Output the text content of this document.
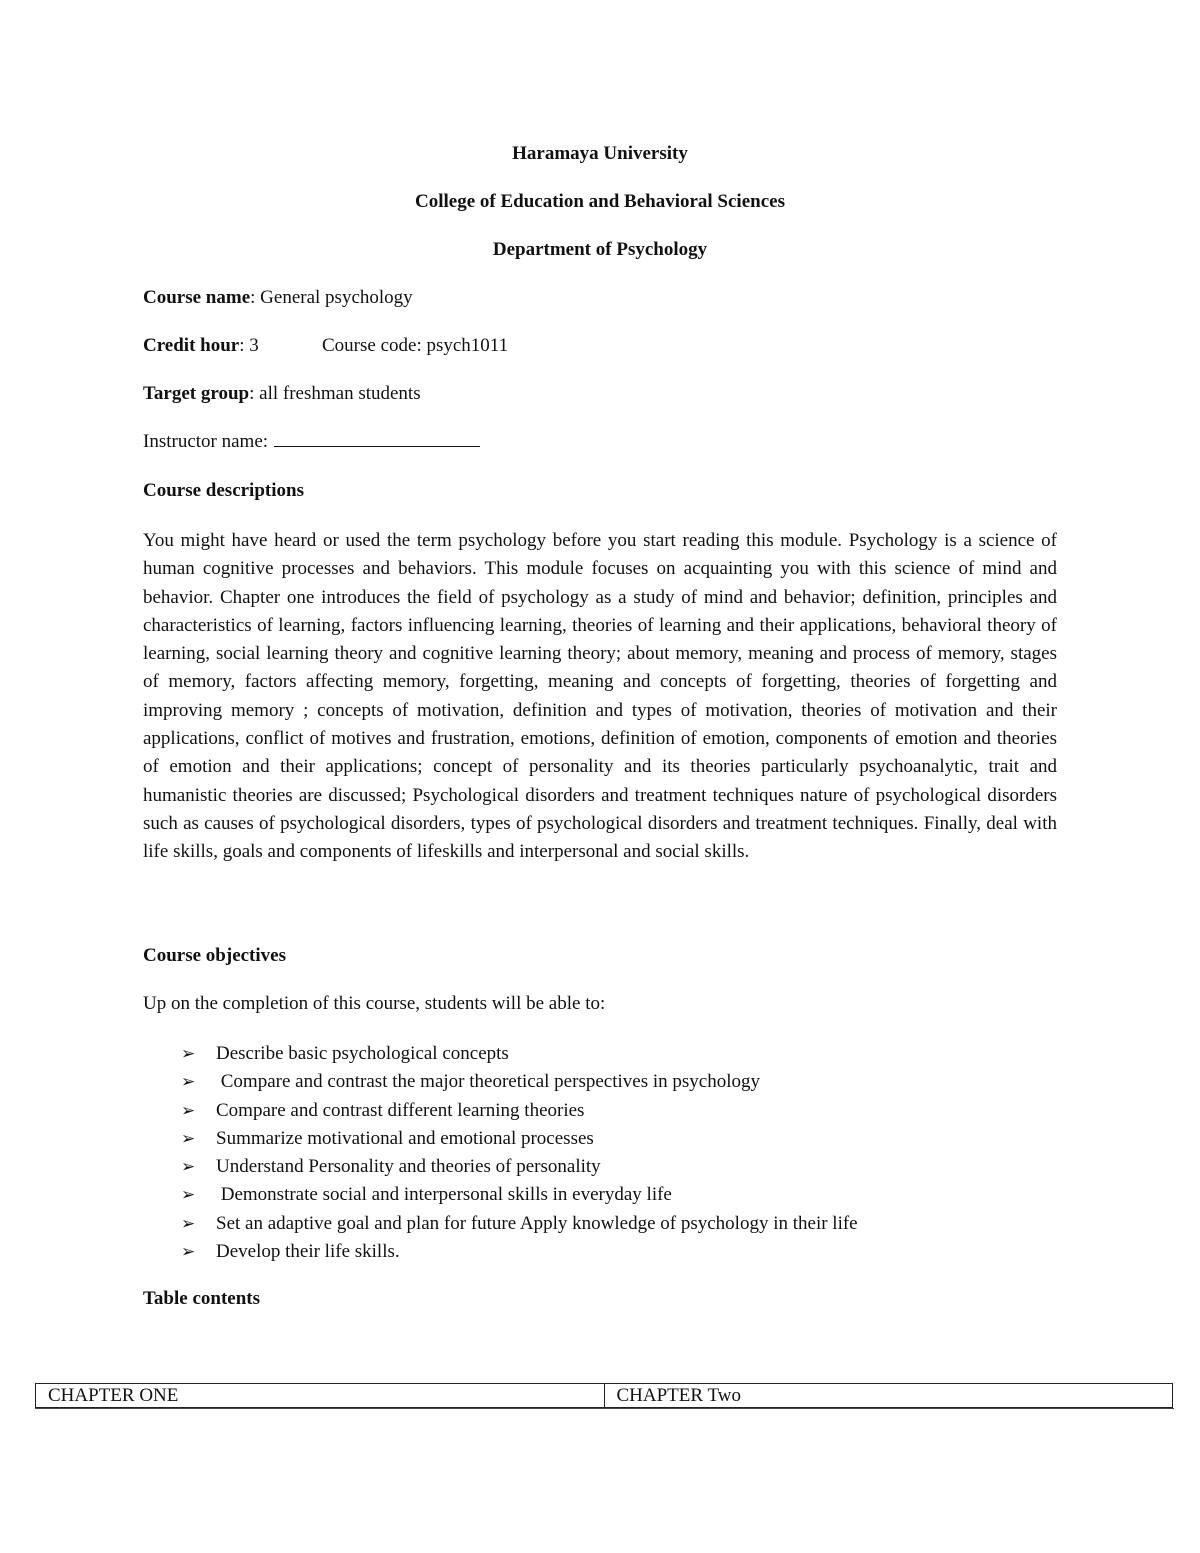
Haramaya University
College of Education and Behavioral Sciences
Department of Psychology
Course name: General psychology
Credit hour: 3	Course code: psych1011
Target group: all freshman students
Instructor name:
Course descriptions
You might have heard or used the term psychology before you start reading this module. Psychology is a science of human cognitive processes and behaviors. This module focuses on acquainting you with this science of mind and behavior. Chapter one introduces the field of psychology as a study of mind and behavior; definition, principles and characteristics of learning, factors influencing learning, theories of learning and their applications, behavioral theory of learning, social learning theory and cognitive learning theory; about memory, meaning and process of memory, stages of memory, factors affecting memory, forgetting, meaning and concepts of forgetting, theories of forgetting and improving memory ; concepts of motivation, definition and types of motivation, theories of motivation and their applications, conflict of motives and frustration, emotions, definition of emotion, components of emotion and theories of emotion and their applications; concept of personality and its theories particularly psychoanalytic, trait and humanistic theories are discussed; Psychological disorders and treatment techniques nature of psychological disorders such as causes of psychological disorders, types of psychological disorders and treatment techniques. Finally, deal with life skills, goals and components of lifeskills and interpersonal and social skills.
Course objectives
Up on the completion of this course, students will be able to:
➢ Describe basic psychological concepts
➢ Compare and contrast the major theoretical perspectives in psychology
➢ Compare and contrast different learning theories
➢ Summarize motivational and emotional processes
➢ Understand Personality and theories of personality
➢ Demonstrate social and interpersonal skills in everyday life
➢ Set an adaptive goal and plan for future Apply knowledge of psychology in their life
➢ Develop their life skills.
Table contents
CHAPTER ONE	CHAPTER Two
